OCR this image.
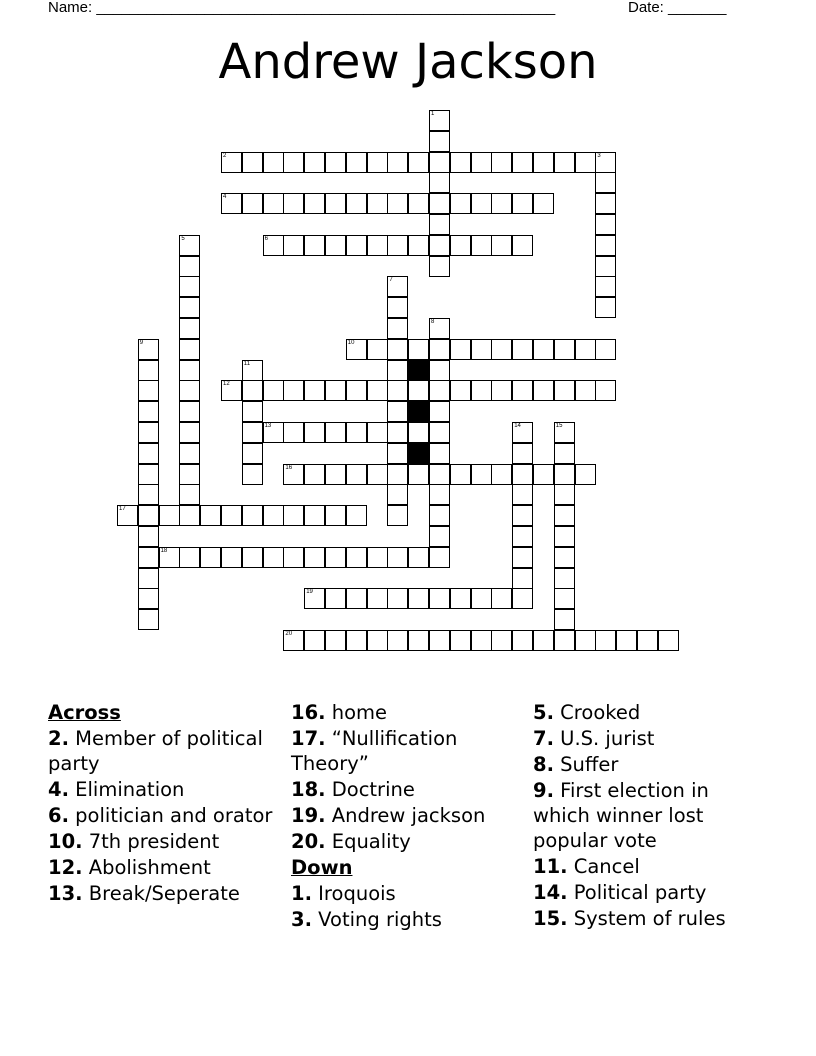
Name: _______________________________________________________	Date: _______
Andrew Jackson
1
2	3
4
5	6
7
8
9	10
11
12
13	14	15
16
17
18
19
20

Across

2. Member of political party

4. Elimination

6. politician and orator

10. 7th president

12. Abolishment

13. Break/Seperate

16. home

17. “Nullification Theory”

18. Doctrine

19. Andrew jackson

20. Equality

Down

1. Iroquois

3. Voting rights

5. Crooked

7. U.S. jurist

8. Suffer

9. First election in which winner lost popular vote

11. Cancel

14. Political party

15. System of rules
